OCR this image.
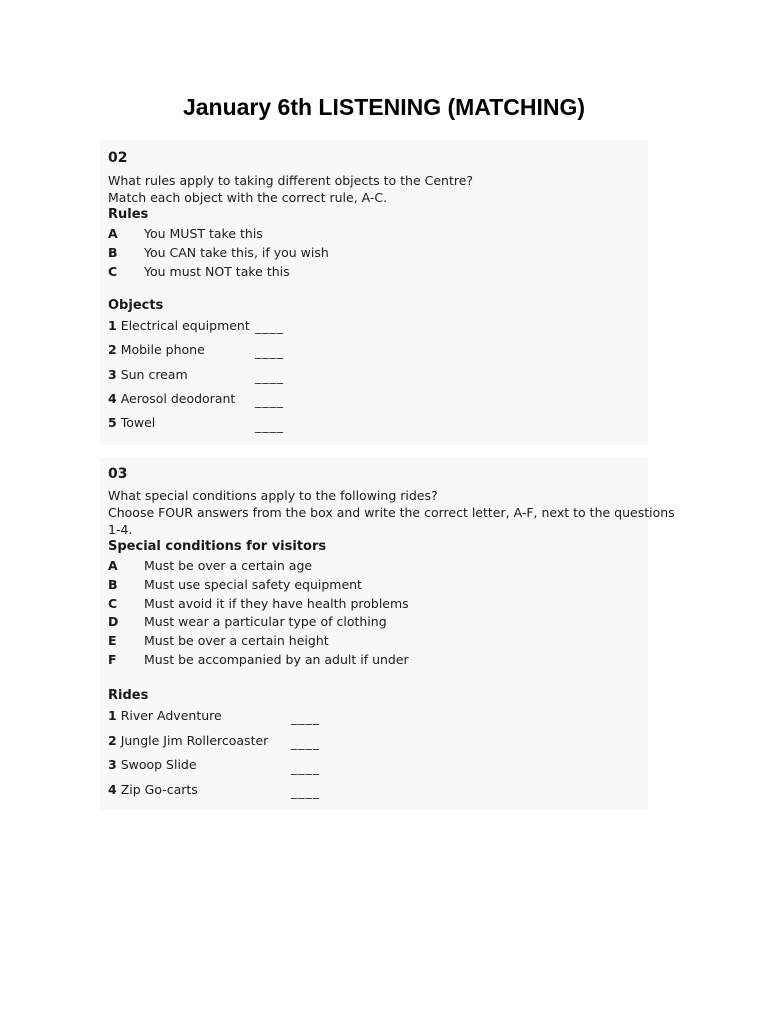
January 6th LISTENING (MATCHING)
02
What rules apply to taking different objects to the Centre?
Match each object with the correct rule, A-C.
Rules
A You MUST take this
B You CAN take this, if you wish
C You must NOT take this
Objects
1 Electrical equipment ____
2 Mobile phone	____
3 Sun cream	____
4 Aerosol deodorant ____
5 Towel	____
03
What special conditions apply to the following rides?
Choose FOUR answers from the box and write the correct letter, A-F, next to the questions
1-4.
Special conditions for visitors
A Must be over a certain age
B Must use special safety equipment
C Must avoid it if they have health problems
D Must wear a particular type of clothing
E Must be over a certain height
F Must be accompanied by an adult if under
Rides
1 River Adventure	____
2 Jungle Jim Rollercoaster ____
3 Swoop Slide	____
4 Zip Go-carts	____
